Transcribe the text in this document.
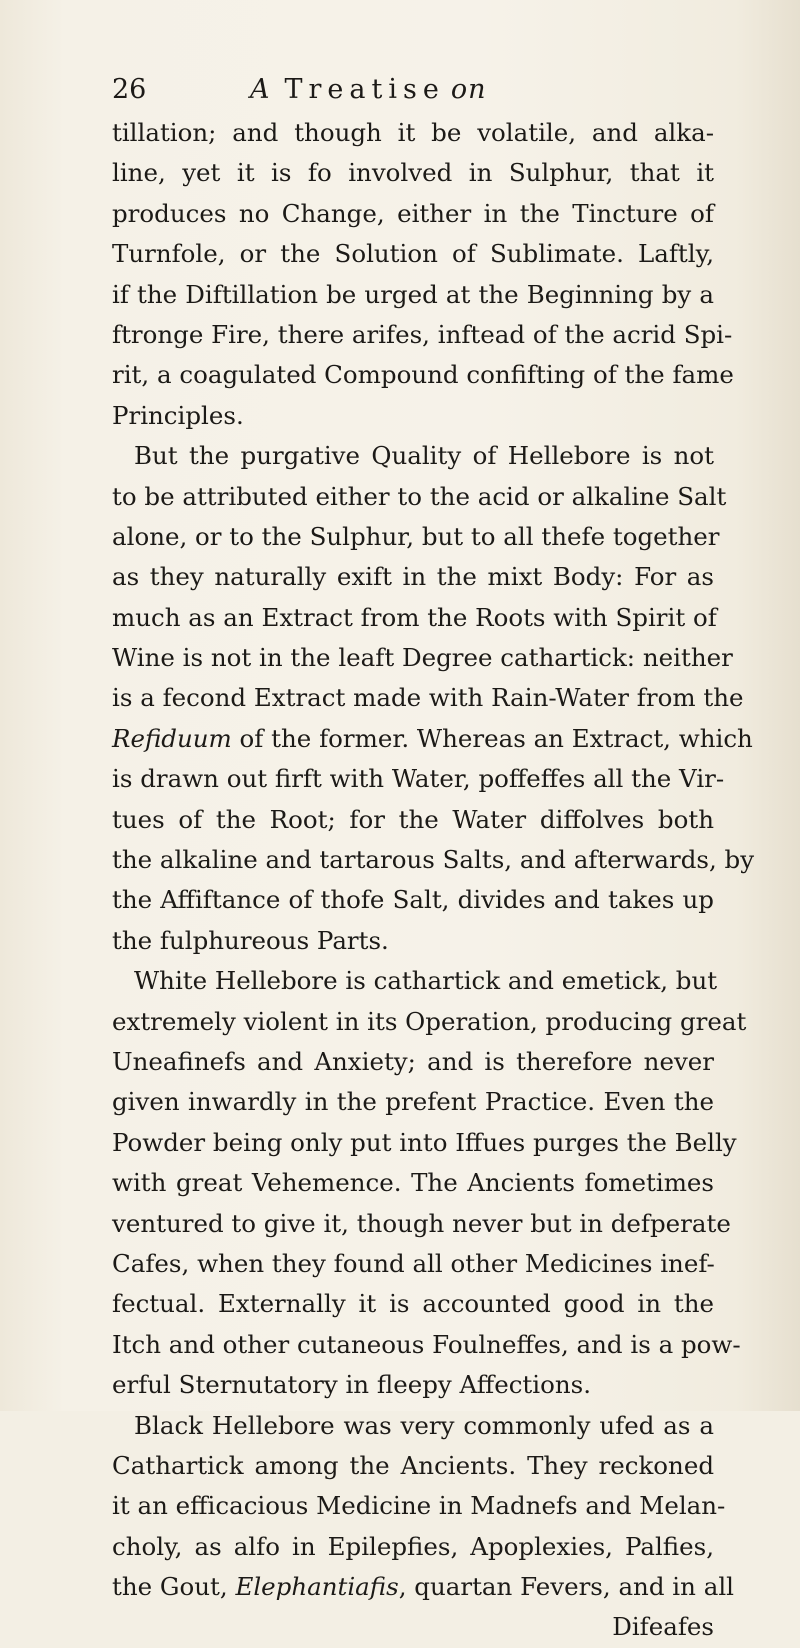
26	A Treatise on
tillation; and though it be volatile, and alka-
line, yet it is fo involved in Sulphur, that it
produces no Change, either in the Tincture of
Turnfole, or the Solution of Sublimate. Laftly,
if the Diftillation be urged at the Beginning by a
ftronge Fire, there arifes, inftead of the acrid Spi-
rit, a coagulated Compound confifting of the fame
Principles.
But the purgative Quality of Hellebore is not
to be attributed either to the acid or alkaline Salt
alone, or to the Sulphur, but to all thefe together
as they naturally exift in the mixt Body: For as
much as an Extract from the Roots with Spirit of
Wine is not in the leaft Degree cathartick: neither
is a fecond Extract made with Rain-Water from the
Refiduum of the former. Whereas an Extract, which
is drawn out firft with Water, poffeffes all the Vir-
tues of the Root; for the Water diffolves both
the alkaline and tartarous Salts, and afterwards, by
the Affiftance of thofe Salt, divides and takes up
the fulphureous Parts.
White Hellebore is cathartick and emetick, but
extremely violent in its Operation, producing great
Uneafinefs and Anxiety; and is therefore never
given inwardly in the prefent Practice. Even the
Powder being only put into Iffues purges the Belly
with great Vehemence. The Ancients fometimes
ventured to give it, though never but in defperate
Cafes, when they found all other Medicines inef-
fectual. Externally it is accounted good in the
Itch and other cutaneous Foulneffes, and is a pow-
erful Sternutatory in fleepy Affections.
Black Hellebore was very commonly ufed as a
Cathartick among the Ancients. They reckoned
it an efficacious Medicine in Madnefs and Melan-
choly, as alfo in Epilepfies, Apoplexies, Palfies,
the Gout, Elephantiafis, quartan Fevers, and in all
Difeafes
